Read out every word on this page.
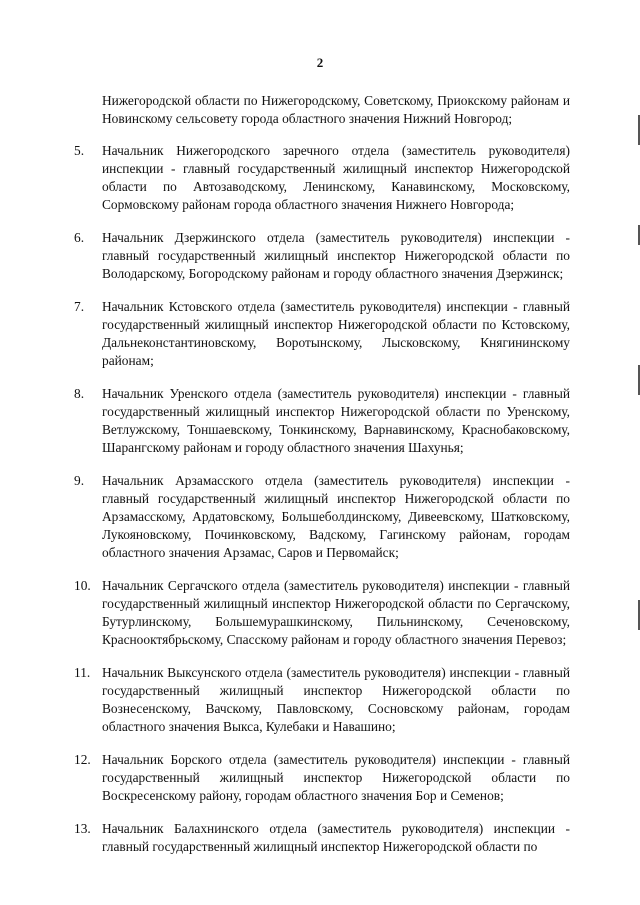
2

Нижегородской области по Нижегородскому, Советскому, Приокскому районам и Новинскому сельсовету города областного значения Нижний Новгород;

5.	Начальник Нижегородского заречного отдела (заместитель руководителя) инспекции - главный государственный жилищный инспектор Нижегородской области по Автозаводскому, Ленинскому, Канавинскому, Московскому, Сормовскому районам города областного значения Нижнего Новгорода;
6.	Начальник Дзержинского отдела (заместитель руководителя) инспекции - главный государственный жилищный инспектор Нижегородской области по Володарскому, Богородскому районам и городу областного значения Дзержинск;
7.	Начальник Кстовского отдела (заместитель руководителя) инспекции - главный государственный жилищный инспектор Нижегородской области по Кстовскому, Дальнеконстантиновскому, Воротынскому, Лысковскому, Княгининскому районам;
8.	Начальник Уренского отдела (заместитель руководителя) инспекции - главный государственный жилищный инспектор Нижегородской области по Уренскому, Ветлужскому, Тоншаевскому, Тонкинскому, Варнавинскому, Краснобаковскому, Шарангскому районам и городу областного значения Шахунья;
9.	Начальник Арзамасского отдела (заместитель руководителя) инспекции - главный государственный жилищный инспектор Нижегородской области по Арзамасскому, Ардатовскому, Большеболдинскому, Дивеевскому, Шатковскому, Лукояновскому, Починковскому, Вадскому, Гагинскому районам, городам областного значения Арзамас, Саров и Первомайск;
10. Начальник Сергачского отдела (заместитель руководителя) инспекции - главный государственный жилищный инспектор Нижегородской области по Сергачскому, Бутурлинскому, Большемурашкинскому, Пильнинскому, Сеченовскому, Краснооктябрьскому, Спасскому районам и городу областного значения Перевоз;
11. Начальник Выксунского отдела (заместитель руководителя) инспекции - главный государственный жилищный инспектор Нижегородской области по Вознесенскому, Вачскому, Павловскому, Сосновскому районам, городам областного значения Выкса, Кулебаки и Навашино;
12. Начальник Борского отдела (заместитель руководителя) инспекции - главный государственный жилищный инспектор Нижегородской области по Воскресенскому району, городам областного значения Бор и Семенов;
13. Начальник Балахнинского отдела (заместитель руководителя) инспекции - главный государственный жилищный инспектор Нижегородской области по
